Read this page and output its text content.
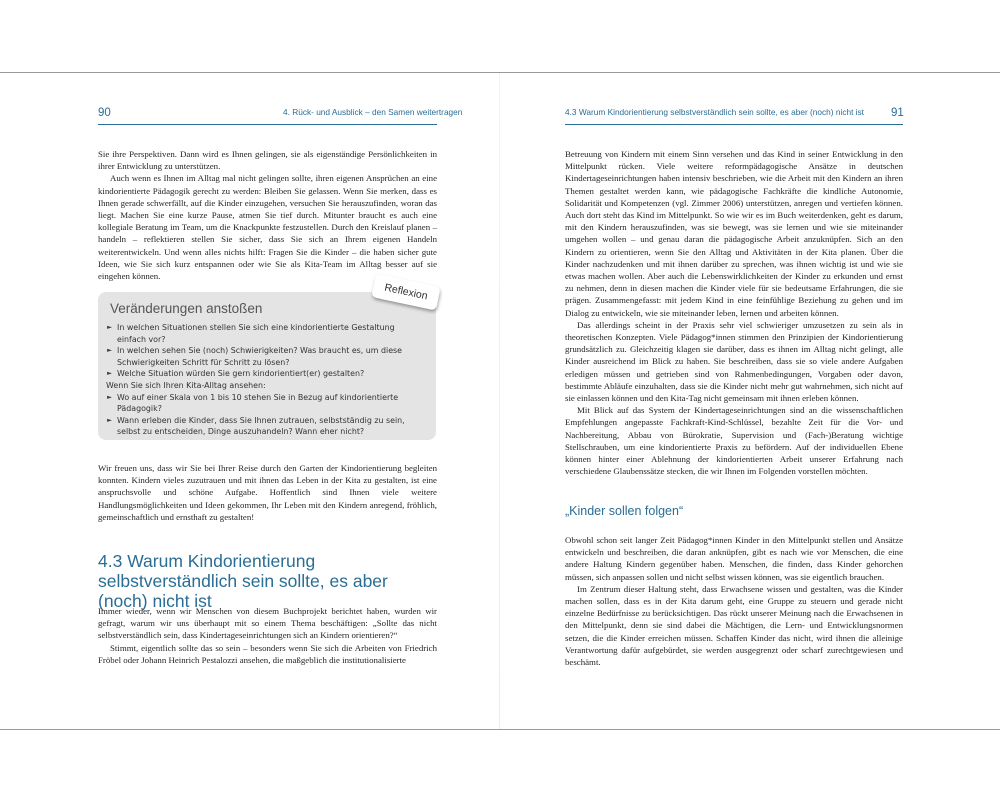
90	4. Rück- und Ausblick – den Samen weitertragen

Sie ihre Perspektiven. Dann wird es Ihnen gelingen, sie als eigenständige Persönlichkeiten in ihrer Entwicklung zu unterstützen.

Auch wenn es Ihnen im Alltag mal nicht gelingen sollte, ihren eigenen Ansprüchen an eine kindorientierte Pädagogik gerecht zu werden: Bleiben Sie gelassen. Wenn Sie merken, dass es Ihnen gerade schwerfällt, auf die Kinder einzugehen, versuchen Sie herauszufinden, woran das liegt. Machen Sie eine kurze Pause, atmen Sie tief durch. Mitunter braucht es auch eine kollegiale Beratung im Team, um die Knackpunkte festzustellen. Durch den Kreislauf planen – handeln – reflektieren stellen Sie sicher, dass Sie sich an Ihrem eigenen Handeln weiterentwickeln. Und wenn alles nichts hilft: Fragen Sie die Kinder – die haben sicher gute Ideen, wie Sie sich kurz entspannen oder wie Sie als Kita-Team im Alltag besser auf sie eingehen können.

Veränderungen anstoßen
Reflexion
► In welchen Situationen stellen Sie sich eine kindorientierte Gestaltung einfach vor?
► In welchen sehen Sie (noch) Schwierigkeiten? Was braucht es, um diese Schwierigkeiten Schritt für Schritt zu lösen?
► Welche Situation würden Sie gern kindorientiert(er) gestalten?
Wenn Sie sich Ihren Kita-Alltag ansehen:
► Wo auf einer Skala von 1 bis 10 stehen Sie in Bezug auf kindorientierte Pädagogik?
► Wann erleben die Kinder, dass Sie Ihnen zutrauen, selbstständig zu sein, selbst zu entscheiden, Dinge auszuhandeln? Wann eher nicht?

Wir freuen uns, dass wir Sie bei Ihrer Reise durch den Garten der Kindorientierung begleiten konnten. Kindern vieles zuzutrauen und mit ihnen das Leben in der Kita zu gestalten, ist eine anspruchsvolle und schöne Aufgabe. Hoffentlich sind Ihnen viele weitere Handlungsmöglichkeiten und Ideen gekommen, Ihr Leben mit den Kindern anregend, fröhlich, gemeinschaftlich und ernsthaft zu gestalten!

4.3 Warum Kindorientierung selbstverständlich sein sollte, es aber (noch) nicht ist

Immer wieder, wenn wir Menschen von diesem Buchprojekt berichtet haben, wurden wir gefragt, warum wir uns überhaupt mit so einem Thema beschäftigen: „Sollte das nicht selbstverständlich sein, dass Kindertageseinrichtungen sich an Kindern orientieren?“

Stimmt, eigentlich sollte das so sein – besonders wenn Sie sich die Arbeiten von Friedrich Fröbel oder Johann Heinrich Pestalozzi ansehen, die maßgeblich die institutionalisierte

4.3 Warum Kindorientierung selbstverständlich sein sollte, es aber (noch) nicht ist 91

Betreuung von Kindern mit einem Sinn versehen und das Kind in seiner Entwicklung in den Mittelpunkt rücken. Viele weitere reformpädagogische Ansätze in deutschen Kindertageseinrichtungen haben intensiv beschrieben, wie die Arbeit mit den Kindern an ihren Themen gestaltet werden kann, wie pädagogische Fachkräfte die kindliche Autonomie, Solidarität und Kompetenzen (vgl. Zimmer 2006) unterstützen, anregen und vertiefen können. Auch dort steht das Kind im Mittelpunkt. So wie wir es im Buch weiterdenken, geht es darum, mit den Kindern herauszufinden, was sie bewegt, was sie lernen und wie sie miteinander umgehen wollen – und genau daran die pädagogische Arbeit anzuknüpfen. Sich an den Kindern zu orientieren, wenn Sie den Alltag und Aktivitäten in der Kita planen. Über die Kinder nachzudenken und mit ihnen darüber zu sprechen, was ihnen wichtig ist und wie sie etwas machen wollen. Aber auch die Lebenswirklichkeiten der Kinder zu erkunden und ernst zu nehmen, denn in diesen machen die Kinder viele für sie bedeutsame Erfahrungen, die sie prägen. Zusammengefasst: mit jedem Kind in eine feinfühlige Beziehung zu gehen und im Dialog zu entwickeln, wie sie miteinander leben, lernen und arbeiten können.

Das allerdings scheint in der Praxis sehr viel schwieriger umzusetzen zu sein als in theoretischen Konzepten. Viele Pädagog*innen stimmen den Prinzipien der Kindorientierung grundsätzlich zu. Gleichzeitig klagen sie darüber, dass es ihnen im Alltag nicht gelingt, alle Kinder ausreichend im Blick zu haben. Sie beschreiben, dass sie so viele andere Aufgaben erledigen müssen und getrieben sind von Rahmenbedingungen, Vorgaben oder davon, bestimmte Abläufe einzuhalten, dass sie die Kinder nicht mehr gut wahrnehmen, sich nicht auf sie einlassen können und den Kita-Tag nicht gemeinsam mit ihnen erleben können.

Mit Blick auf das System der Kindertageseinrichtungen sind an die wissenschaftlichen Empfehlungen angepasste Fachkraft-Kind-Schlüssel, bezahlte Zeit für die Vor- und Nachbereitung, Abbau von Bürokratie, Supervision und (Fach-)Beratung wichtige Stellschrauben, um eine kindorientierte Praxis zu befördern. Auf der individuellen Ebene können hinter einer Ablehnung der kindorientierten Arbeit unserer Erfahrung nach verschiedene Glaubenssätze stecken, die wir Ihnen im Folgenden vorstellen möchten.

„Kinder sollen folgen“

Obwohl schon seit langer Zeit Pädagog*innen Kinder in den Mittelpunkt stellen und Ansätze entwickeln und beschreiben, die daran anknüpfen, gibt es nach wie vor Menschen, die eine andere Haltung Kindern gegenüber haben. Menschen, die finden, dass Kinder gehorchen müssen, sich anpassen sollen und nicht selbst wissen können, was sie eigentlich brauchen.

Im Zentrum dieser Haltung steht, dass Erwachsene wissen und gestalten, was die Kinder machen sollen, dass es in der Kita darum geht, eine Gruppe zu steuern und gerade nicht einzelne Bedürfnisse zu berücksichtigen. Das rückt unserer Meinung nach die Erwachsenen in den Mittelpunkt, denn sie sind dabei die Mächtigen, die Lern- und Entwicklungsnormen setzen, die die Kinder erreichen müssen. Schaffen Kinder das nicht, wird ihnen die alleinige Verantwortung dafür aufgebürdet, sie werden ausgegrenzt oder scharf zurechtgewiesen und beschämt.
